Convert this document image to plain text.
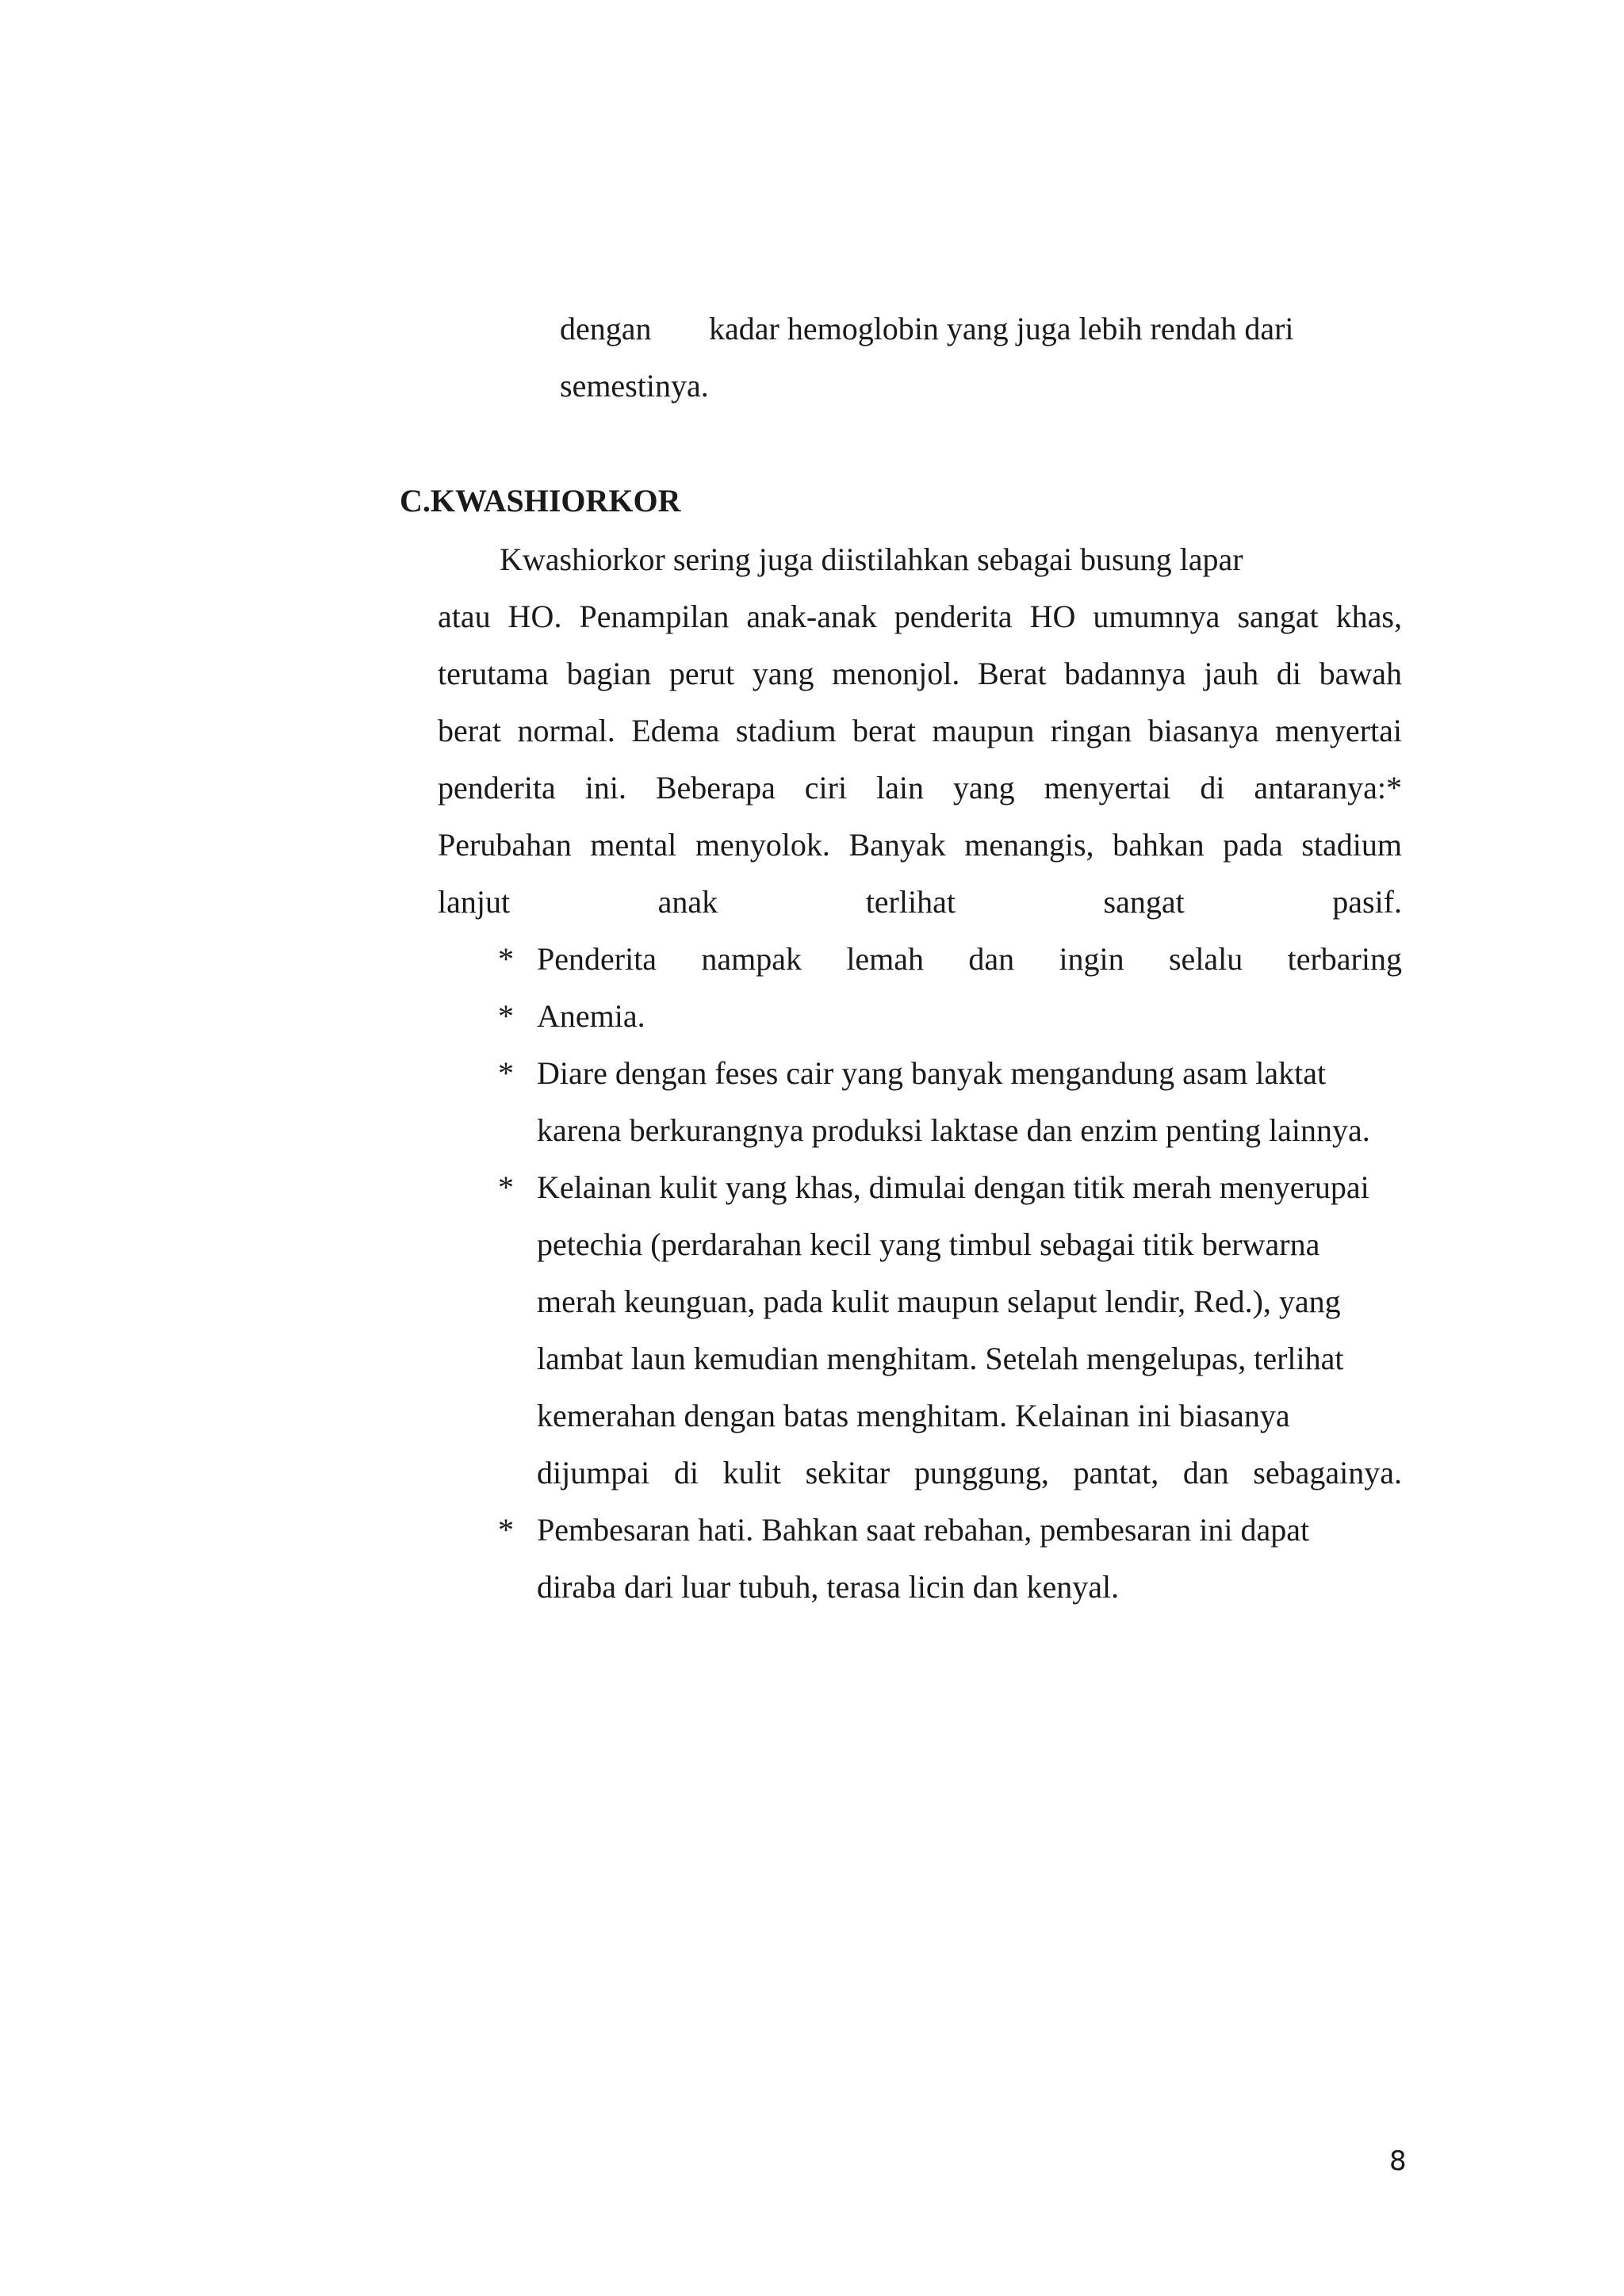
dengan kadar hemoglobin yang juga lebih rendah dari
semestinya.
C.KWASHIORKOR
Kwashiorkor sering juga diistilahkan sebagai busung lapar
atau HO. Penampilan anak-anak penderita HO umumnya sangat khas,
terutama bagian perut yang menonjol. Berat badannya jauh di bawah
berat normal. Edema stadium berat maupun ringan biasanya menyertai
penderita ini. Beberapa ciri lain yang menyertai di antaranya:*
Perubahan mental menyolok. Banyak menangis, bahkan pada stadium
lanjut anak terlihat sangat pasif.
* Penderita nampak lemah dan ingin selalu terbaring
* Anemia.
* Diare dengan feses cair yang banyak mengandung asam laktat
karena berkurangnya produksi laktase dan enzim penting lainnya.
* Kelainan kulit yang khas, dimulai dengan titik merah menyerupai
petechia (perdarahan kecil yang timbul sebagai titik berwarna
merah keunguan, pada kulit maupun selaput lendir, Red.), yang
lambat laun kemudian menghitam. Setelah mengelupas, terlihat
kemerahan dengan batas menghitam. Kelainan ini biasanya
dijumpai di kulit sekitar punggung, pantat, dan sebagainya.
* Pembesaran hati. Bahkan saat rebahan, pembesaran ini dapat
diraba dari luar tubuh, terasa licin dan kenyal.
8
